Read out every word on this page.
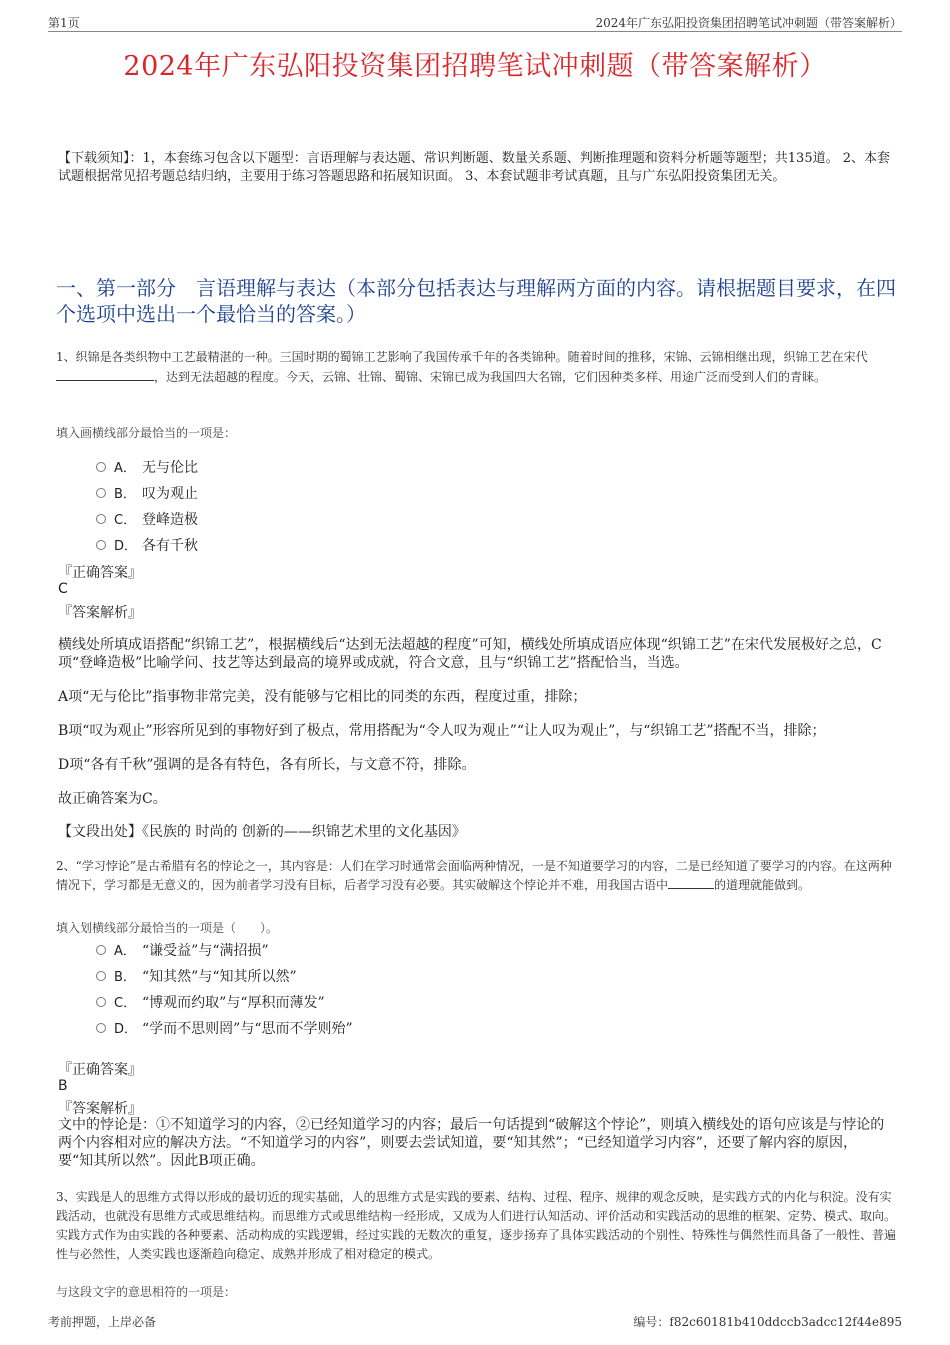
第1页	2024年广东弘阳投资集团招聘笔试冲刺题（带答案解析）
2024年广东弘阳投资集团招聘笔试冲刺题（带答案解析）
【下载须知】：1，本套练习包含以下题型：言语理解与表达题、常识判断题、数量关系题、判断推理题和资料分析题等题型；共135道。 2、本套试题根据常见招考题总结归纳，主要用于练习答题思路和拓展知识面。 3、本套试题非考试真题，且与广东弘阳投资集团无关。
一、第一部分　言语理解与表达（本部分包括表达与理解两方面的内容。请根据题目要求，在四个选项中选出一个最恰当的答案。）
1、织锦是各类织物中工艺最精湛的一种。三国时期的蜀锦工艺影响了我国传承千年的各类锦种。随着时间的推移，宋锦、云锦相继出现，织锦工艺在宋代 ，达到无法超越的程度。今天，云锦、壮锦、蜀锦、宋锦已成为我国四大名锦，它们因种类多样、用途广泛而受到人们的青睐。
填入画横线部分最恰当的一项是：
A． 无与伦比
B． 叹为观止
C． 登峰造极
D． 各有千秋
『正确答案』
C
『答案解析』
横线处所填成语搭配“织锦工艺”，根据横线后“达到无法超越的程度”可知，横线处所填成语应体现“织锦工艺”在宋代发展极好之总，C项“登峰造极”比喻学问、技艺等达到最高的境界或成就，符合文意，且与“织锦工艺”搭配恰当，当选。
A项“无与伦比”指事物非常完美，没有能够与它相比的同类的东西，程度过重，排除；
B项“叹为观止”形容所见到的事物好到了极点，常用搭配为“令人叹为观止”“让人叹为观止”，与“织锦工艺”搭配不当，排除；
D项“各有千秋”强调的是各有特色，各有所长，与文意不符，排除。
故正确答案为C。
【文段出处】《民族的 时尚的 创新的——织锦艺术里的文化基因》
2、“学习悖论”是古希腊有名的悖论之一，其内容是：人们在学习时通常会面临两种情况，一是不知道要学习的内容，二是已经知道了要学习的内容。在这两种情况下，学习都是无意义的，因为前者学习没有目标，后者学习没有必要。其实破解这个悖论并不难，用我国古语中	的道理就能做到。
填入划横线部分最恰当的一项是（　　）。
A． “谦受益”与“满招损”
B． “知其然”与“知其所以然”
C． “博观而约取”与“厚积而薄发”
D． “学而不思则罔”与“思而不学则殆”
『正确答案』
B
『答案解析』
文中的悖论是：①不知道学习的内容，②已经知道学习的内容；最后一句话提到“破解这个悖论”，则填入横线处的语句应该是与悖论的两个内容相对应的解决方法。“不知道学习的内容”，则要去尝试知道，要“知其然”；“已经知道学习内容”，还要了解内容的原因，要“知其所以然”。因此B项正确。
3、实践是人的思维方式得以形成的最切近的现实基础，人的思维方式是实践的要素、结构、过程、程序、规律的观念反映，是实践方式的内化与积淀。没有实践活动，也就没有思维方式或思维结构。而思维方式或思维结构一经形成，又成为人们进行认知活动、评价活动和实践活动的思维的框架、定势、模式、取向。实践方式作为由实践的各种要素、活动构成的实践逻辑，经过实践的无数次的重复，逐步扬弃了具体实践活动的个别性、特殊性与偶然性而具备了一般性、普遍性与必然性，人类实践也逐渐趋向稳定、成熟并形成了相对稳定的模式。
与这段文字的意思相符的一项是：
考前押题，上岸必备	编号：f82c60181b410ddccb3adcc12f44e895
